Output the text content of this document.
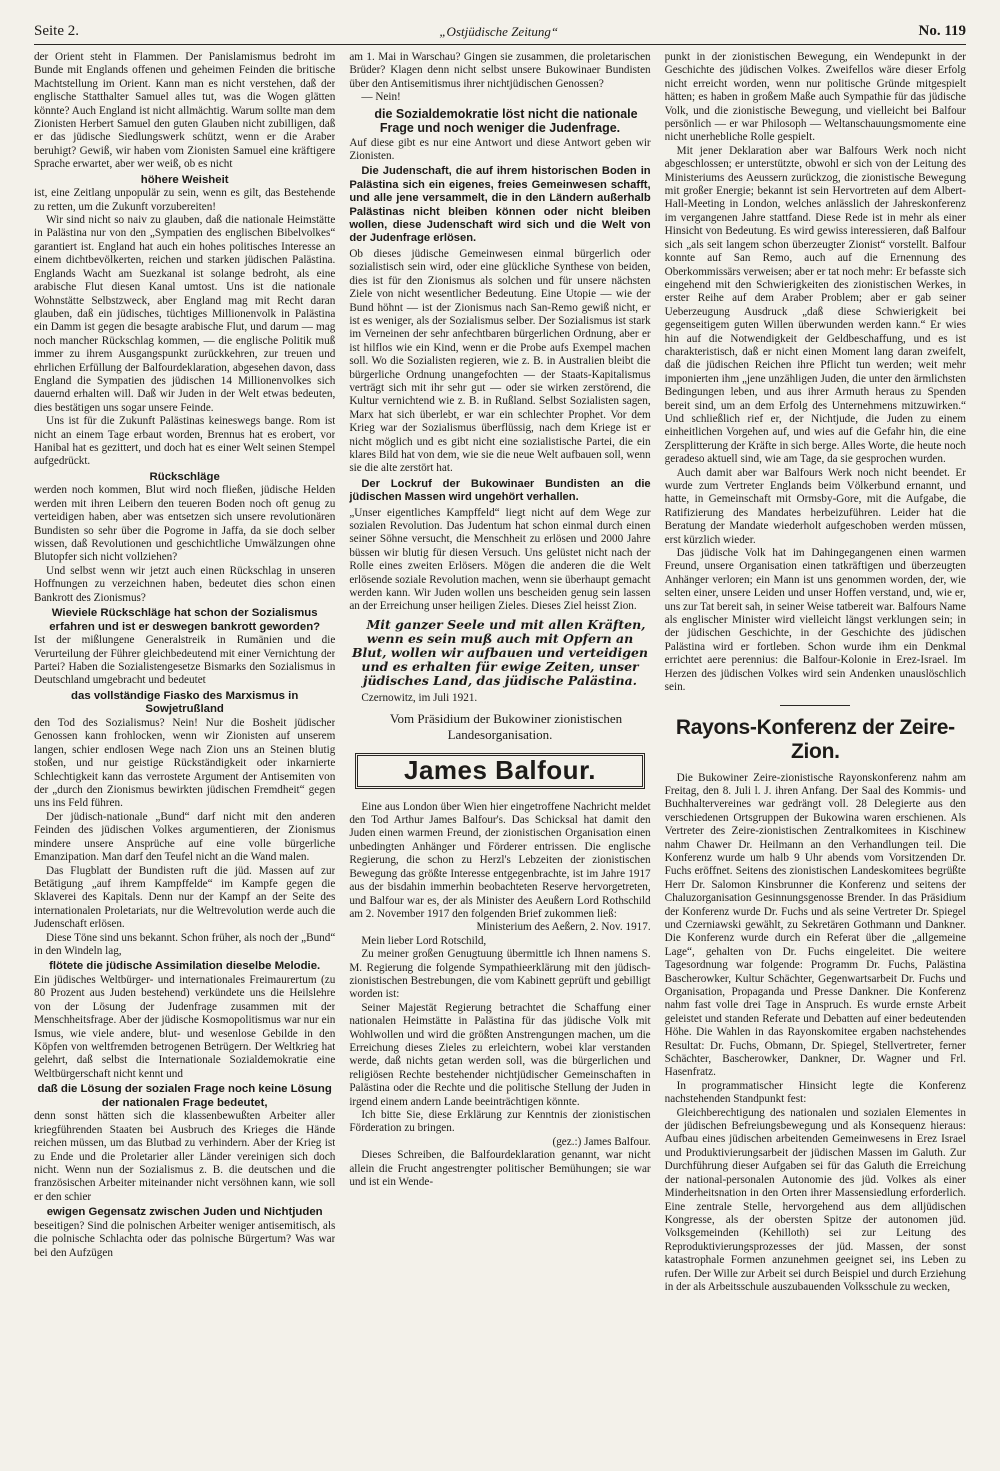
Seite 2.	„Ostjüdische Zeitung“	No. 119

der Orient steht in Flammen. Der Panislamismus bedroht im Bunde mit Englands offenen und geheimen Feinden die britische Machtstellung im Orient. Kann man es nicht verstehen, daß der englische Statthalter Samuel alles tut, was die Wogen glätten könnte? Auch England ist nicht allmächtig. Warum sollte man dem Zionisten Herbert Samuel den guten Glauben nicht zubilligen, daß er das jüdische Siedlungswerk schützt, wenn er die Araber beruhigt? Gewiß, wir haben vom Zionisten Samuel eine kräftigere Sprache erwartet, aber wer weiß, ob es nicht

höhere Weisheit

ist, eine Zeitlang unpopulär zu sein, wenn es gilt, das Bestehende zu retten, um die Zukunft vorzubereiten!

Wir sind nicht so naiv zu glauben, daß die nationale Heimstätte in Palästina nur von den „Sympatien des englischen Bibelvolkes“ garantiert ist. England hat auch ein hohes politisches Interesse an einem dichtbevölkerten, reichen und starken jüdischen Palästina. Englands Wacht am Suezkanal ist solange bedroht, als eine arabische Flut diesen Kanal umtost. Uns ist die nationale Wohnstätte Selbstzweck, aber England mag mit Recht daran glauben, daß ein jüdisches, tüchtiges Millionenvolk in Palästina ein Damm ist gegen die besagte arabische Flut, und darum — mag noch mancher Rückschlag kommen, — die englische Politik muß immer zu ihrem Ausgangspunkt zurückkehren, zur treuen und ehrlichen Erfüllung der Balfourdeklaration, abgesehen davon, dass England die Sympatien des jüdischen 14 Millionenvolkes sich dauernd erhalten will. Daß wir Juden in der Welt etwas bedeuten, dies bestätigen uns sogar unsere Feinde.

Uns ist für die Zukunft Palästinas keineswegs bange. Rom ist nicht an einem Tage erbaut worden, Brennus hat es erobert, vor Hanibal hat es gezittert, und doch hat es einer Welt seinen Stempel aufgedrückt.

Rückschläge

werden noch kommen, Blut wird noch fließen, jüdische Helden werden mit ihren Leibern den teueren Boden noch oft genug zu verteidigen haben, aber was entsetzen sich unsere revolutionären Bundisten so sehr über die Pogrome in Jaffa, da sie doch selber wissen, daß Revolutionen und geschichtliche Umwälzungen ohne Blutopfer sich nicht vollziehen?

Und selbst wenn wir jetzt auch einen Rückschlag in unseren Hoffnungen zu verzeichnen haben, bedeutet dies schon einen Bankrott des Zionismus?

Wieviele Rückschläge hat schon der Sozialismus erfahren und ist er deswegen bankrott geworden?

Ist der mißlungene Generalstreik in Rumänien und die Verurteilung der Führer gleichbedeutend mit einer Vernichtung der Partei? Haben die Sozialistengesetze Bismarks den Sozialismus in Deutschland umgebracht und bedeutet

das vollständige Fiasko des Marxismus in Sowjetrußland

den Tod des Sozialismus? Nein! Nur die Bosheit jüdischer Genossen kann frohlocken, wenn wir Zionisten auf unserem langen, schier endlosen Wege nach Zion uns an Steinen blutig stoßen, und nur geistige Rückständigkeit oder inkarnierte Schlechtigkeit kann das verrostete Argument der Antisemiten von der „durch den Zionismus bewirkten jüdischen Fremdheit“ gegen uns ins Feld führen.

Der jüdisch-nationale „Bund“ darf nicht mit den anderen Feinden des jüdischen Volkes argumentieren, der Zionismus mindere unsere Ansprüche auf eine volle bürgerliche Emanzipation. Man darf den Teufel nicht an die Wand malen.

Das Flugblatt der Bundisten ruft die jüd. Massen auf zur Betätigung „auf ihrem Kampffelde“ im Kampfe gegen die Sklaverei des Kapitals. Denn nur der Kampf an der Seite des internationalen Proletariats, nur die Weltrevolution werde auch die Judenschaft erlösen.

Diese Töne sind uns bekannt. Schon früher, als noch der „Bund“ in den Windeln lag,

flötete die jüdische Assimilation dieselbe Melodie.

Ein jüdisches Weltbürger- und internationales Freimaurertum (zu 80 Prozent aus Juden bestehend) verkündete uns die Heilslehre von der Lösung der Judenfrage zusammen mit der Menschheitsfrage. Aber der jüdische Kosmopolitismus war nur ein Ismus, wie viele andere, blut- und wesenlose Gebilde in den Köpfen von weltfremden betrogenen Betrügern. Der Weltkrieg hat gelehrt, daß selbst die Internationale Sozialdemokratie eine Weltbürgerschaft nicht kennt und

daß die Lösung der sozialen Frage noch keine Lösung der nationalen Frage bedeutet,

denn sonst hätten sich die klassenbewußten Arbeiter aller kriegführenden Staaten bei Ausbruch des Krieges die Hände reichen müssen, um das Blutbad zu verhindern. Aber der Krieg ist zu Ende und die Proletarier aller Länder vereinigen sich doch nicht. Wenn nun der Sozialismus z. B. die deutschen und die französischen Arbeiter miteinander nicht versöhnen kann, wie soll er den schier

ewigen Gegensatz zwischen Juden und Nichtjuden

beseitigen? Sind die polnischen Arbeiter weniger antisemitisch, als die polnische Schlachta oder das polnische Bürgertum? Was war bei den Aufzügen

am 1. Mai in Warschau? Gingen sie zusammen, die proletarischen Brüder? Klagen denn nicht selbst unsere Bukowinaer Bundisten über den Antisemitismus ihrer nichtjüdischen Genossen?

— Nein!

die Sozialdemokratie löst nicht die nationale Frage und noch weniger die Judenfrage.

Auf diese gibt es nur eine Antwort und diese Antwort geben wir Zionisten.

Die Judenschaft, die auf ihrem historischen Boden in Palästina sich ein eigenes, freies Gemeinwesen schafft, und alle jene versammelt, die in den Ländern außerhalb Palästinas nicht bleiben können oder nicht bleiben wollen, diese Judenschaft wird sich und die Welt von der Judenfrage erlösen.

Ob dieses jüdische Gemeinwesen einmal bürgerlich oder sozialistisch sein wird, oder eine glückliche Synthese von beiden, dies ist für den Zionismus als solchen und für unsere nächsten Ziele von nicht wesentlicher Bedeutung. Eine Utopie — wie der Bund höhnt — ist der Zionismus nach San-Remo gewiß nicht, er ist es weniger, als der Sozialismus selber. Der Sozialismus ist stark im Verneinen der sehr anfechtbaren bürgerlichen Ordnung, aber er ist hilflos wie ein Kind, wenn er die Probe aufs Exempel machen soll. Wo die Sozialisten regieren, wie z. B. in Australien bleibt die bürgerliche Ordnung unangefochten — der Staats-Kapitalismus verträgt sich mit ihr sehr gut — oder sie wirken zerstörend, die Kultur vernichtend wie z. B. in Rußland. Selbst Sozialisten sagen, Marx hat sich überlebt, er war ein schlechter Prophet. Vor dem Krieg war der Sozialismus überflüssig, nach dem Kriege ist er nicht möglich und es gibt nicht eine sozialistische Partei, die ein klares Bild hat von dem, wie sie die neue Welt aufbauen soll, wenn sie die alte zerstört hat.

Der Lockruf der Bukowinaer Bundisten an die jüdischen Massen wird ungehört verhallen.

„Unser eigentliches Kampffeld“ liegt nicht auf dem Wege zur sozialen Revolution. Das Judentum hat schon einmal durch einen seiner Söhne versucht, die Menschheit zu erlösen und 2000 Jahre büssen wir blutig für diesen Versuch. Uns gelüstet nicht nach der Rolle eines zweiten Erlösers. Mögen die anderen die die Welt erlösende soziale Revolution machen, wenn sie überhaupt gemacht werden kann. Wir Juden wollen uns bescheiden genug sein lassen an der Erreichung unser heiligen Zieles. Dieses Ziel heisst Zion.

Mit ganzer Seele und mit allen Kräften, wenn es sein muß auch mit Opfern an Blut, wollen wir aufbauen und verteidigen und es erhalten für ewige Zeiten, unser jüdisches Land, das jüdische Palästina.

Czernowitz, im Juli 1921.

Vom Präsidium der Bukowiner zionistischen Landesorganisation.

James Balfour.

Eine aus London über Wien hier eingetroffene Nachricht meldet den Tod Arthur James Balfour's. Das Schicksal hat damit den Juden einen warmen Freund, der zionistischen Organisation einen unbedingten Anhänger und Förderer entrissen. Die englische Regierung, die schon zu Herzl's Lebzeiten der zionistischen Bewegung das größte Interesse entgegenbrachte, ist im Jahre 1917 aus der bisdahin immerhin beobachteten Reserve hervorgetreten, und Balfour war es, der als Minister des Aeußern Lord Rothschild am 2. November 1917 den folgenden Brief zukommen ließ:

Ministerium des Aeßern, 2. Nov. 1917.

Mein lieber Lord Rotschild,

Zu meiner großen Genugtuung übermittle ich Ihnen namens S. M. Regierung die folgende Sympathieerklärung mit den jüdisch-zionistischen Bestrebungen, die vom Kabinett geprüft und gebilligt worden ist:

Seiner Majestät Regierung betrachtet die Schaffung einer nationalen Heimstätte in Palästina für das jüdische Volk mit Wohlwollen und wird die größten Anstrengungen machen, um die Erreichung dieses Zieles zu erleichtern, wobei klar verstanden werde, daß nichts getan werden soll, was die bürgerlichen und religiösen Rechte bestehender nichtjüdischer Gemeinschaften in Palästina oder die Rechte und die politische Stellung der Juden in irgend einem andern Lande beeinträchtigen könnte.

Ich bitte Sie, diese Erklärung zur Kenntnis der zionistischen Förderation zu bringen.

(gez.:) James Balfour.

Dieses Schreiben, die Balfourdeklaration genannt, war nicht allein die Frucht angestrengter politischer Bemühungen; sie war und ist ein Wende-

punkt in der zionistischen Bewegung, ein Wendepunkt in der Geschichte des jüdischen Volkes. Zweifellos wäre dieser Erfolg nicht erreicht worden, wenn nur politische Gründe mitgespielt hätten; es haben in großem Maße auch Sympathie für das jüdische Volk, und die zionistische Bewegung, und vielleicht bei Balfour persönlich — er war Philosoph — Weltanschauungsmomente eine nicht unerhebliche Rolle gespielt.

Mit jener Deklaration aber war Balfours Werk noch nicht abgeschlossen; er unterstützte, obwohl er sich von der Leitung des Ministeriums des Aeussern zurückzog, die zionistische Bewegung mit großer Energie; bekannt ist sein Hervortreten auf dem Albert-Hall-Meeting in London, welches anlässlich der Jahreskonferenz im vergangenen Jahre stattfand. Diese Rede ist in mehr als einer Hinsicht von Bedeutung. Es wird gewiss interessieren, daß Balfour sich „als seit langem schon überzeugter Zionist“ vorstellt. Balfour konnte auf San Remo, auch auf die Ernennung des Oberkommissärs verweisen; aber er tat noch mehr: Er befasste sich eingehend mit den Schwierigkeiten des zionistischen Werkes, in erster Reihe auf dem Araber Problem; aber er gab seiner Ueberzeugung Ausdruck „daß diese Schwierigkeit bei gegenseitigem guten Willen überwunden werden kann.“ Er wies hin auf die Notwendigkeit der Geldbeschaffung, und es ist charakteristisch, daß er nicht einen Moment lang daran zweifelt, daß die jüdischen Reichen ihre Pflicht tun werden; weit mehr imponierten ihm „jene unzähligen Juden, die unter den ärmlichsten Bedingungen leben, und aus ihrer Armuth heraus zu Spenden bereit sind, um an dem Erfolg des Unternehmens mitzuwirken.“ Und schließlich rief er, der Nichtjude, die Juden zu einem einheitlichen Vorgehen auf, und wies auf die Gefahr hin, die eine Zersplitterung der Kräfte in sich berge. Alles Worte, die heute noch geradeso aktuell sind, wie am Tage, da sie gesprochen wurden.

Auch damit aber war Balfours Werk noch nicht beendet. Er wurde zum Vertreter Englands beim Völkerbund ernannt, und hatte, in Gemeinschaft mit Ormsby-Gore, mit die Aufgabe, die Ratifizierung des Mandates herbeizuführen. Leider hat die Beratung der Mandate wiederholt aufgeschoben werden müssen, erst kürzlich wieder.

Das jüdische Volk hat im Dahingegangenen einen warmen Freund, unsere Organisation einen tatkräftigen und überzeugten Anhänger verloren; ein Mann ist uns genommen worden, der, wie selten einer, unsere Leiden und unser Hoffen verstand, und, wie er, uns zur Tat bereit sah, in seiner Weise tatbereit war. Balfours Name als englischer Minister wird vielleicht längst verklungen sein; in der jüdischen Geschichte, in der Geschichte des jüdischen Palästina wird er fortleben. Schon wurde ihm ein Denkmal errichtet aere perennius: die Balfour-Kolonie in Erez-Israel. Im Herzen des jüdischen Volkes wird sein Andenken unauslöschlich sein.

Rayons-Konferenz der Zeire-Zion.

Die Bukowiner Zeire-zionistische Rayonskonferenz nahm am Freitag, den 8. Juli l. J. ihren Anfang. Der Saal des Kommis- und Buchhaltervereines war gedrängt voll. 28 Delegierte aus den verschiedenen Ortsgruppen der Bukowina waren erschienen. Als Vertreter des Zeire-zionistischen Zentralkomitees in Kischinew nahm Chawer Dr. Heilmann an den Verhandlungen teil. Die Konferenz wurde um halb 9 Uhr abends vom Vorsitzenden Dr. Fuchs eröffnet. Seitens des zionistischen Landeskomitees begrüßte Herr Dr. Salomon Kinsbrunner die Konferenz und seitens der Chaluzorganisation Gesinnungsgenosse Brender. In das Präsidium der Konferenz wurde Dr. Fuchs und als seine Vertreter Dr. Spiegel und Czerniawski gewählt, zu Sekretären Gothmann und Dankner. Die Konferenz wurde durch ein Referat über die „allgemeine Lage“, gehalten von Dr. Fuchs eingeleitet. Die weitere Tagesordnung war folgende: Programm Dr. Fuchs, Palästina Bascherowker, Kultur Schächter, Gegenwartsarbeit Dr. Fuchs und Organisation, Propaganda und Presse Dankner. Die Konferenz nahm fast volle drei Tage in Anspruch. Es wurde ernste Arbeit geleistet und standen Referate und Debatten auf einer bedeutenden Höhe. Die Wahlen in das Rayonskomitee ergaben nachstehendes Resultat: Dr. Fuchs, Obmann, Dr. Spiegel, Stellvertreter, ferner Schächter, Bascherowker, Dankner, Dr. Wagner und Frl. Hasenfratz.

In programmatischer Hinsicht legte die Konferenz nachstehenden Standpunkt fest:

Gleichberechtigung des nationalen und sozialen Elementes in der jüdischen Befreiungsbewegung und als Konsequenz hieraus: Aufbau eines jüdischen arbeitenden Gemeinwesens in Erez Israel und Produktivierungsarbeit der jüdischen Massen im Galuth. Zur Durchführung dieser Aufgaben sei für das Galuth die Erreichung der national-personalen Autonomie des jüd. Volkes als einer Minderheitsnation in den Orten ihrer Massensiedlung erforderlich. Eine zentrale Stelle, hervorgehend aus dem alljüdischen Kongresse, als der obersten Spitze der autonomen jüd. Volksgemeinden (Kehilloth) sei zur Leitung des Reproduktivierungsprozesses der jüd. Massen, der sonst katastrophale Formen anzunehmen geeignet sei, ins Leben zu rufen. Der Wille zur Arbeit sei durch Beispiel und durch Erziehung in der als Arbeitsschule auszubauenden Volksschule zu wecken,
